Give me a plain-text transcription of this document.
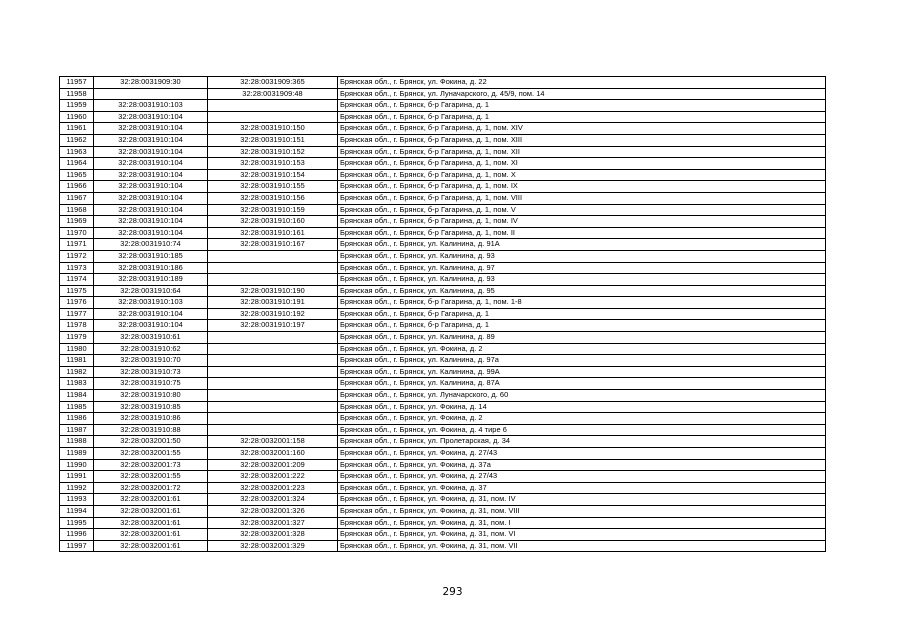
11957	32:28:0031909:30	32:28:0031909:365	Брянская обл., г. Брянск, ул. Фокина, д. 22
11958		32:28:0031909:48	Брянская обл., г. Брянск, ул. Луначарского, д. 45/9, пом. 14
11959	32:28:0031910:103		Брянская обл., г. Брянск, б-р Гагарина, д. 1
11960	32:28:0031910:104		Брянская обл., г. Брянск, б-р Гагарина, д. 1
11961	32:28:0031910:104	32:28:0031910:150	Брянская обл., г. Брянск, б-р Гагарина, д. 1, пом. XIV
11962	32:28:0031910:104	32:28:0031910:151	Брянская обл., г. Брянск, б-р Гагарина, д. 1, пом. XIII
11963	32:28:0031910:104	32:28:0031910:152	Брянская обл., г. Брянск, б-р Гагарина, д. 1, пом. XII
11964	32:28:0031910:104	32:28:0031910:153	Брянская обл., г. Брянск, б-р Гагарина, д. 1, пом. XI
11965	32:28:0031910:104	32:28:0031910:154	Брянская обл., г. Брянск, б-р Гагарина, д. 1, пом. X
11966	32:28:0031910:104	32:28:0031910:155	Брянская обл., г. Брянск, б-р Гагарина, д. 1, пом. IX
11967	32:28:0031910:104	32:28:0031910:156	Брянская обл., г. Брянск, б-р Гагарина, д. 1, пом. VIII
11968	32:28:0031910:104	32:28:0031910:159	Брянская обл., г. Брянск, б-р Гагарина, д. 1, пом. V
11969	32:28:0031910:104	32:28:0031910:160	Брянская обл., г. Брянск, б-р Гагарина, д. 1, пом. IV
11970	32:28:0031910:104	32:28:0031910:161	Брянская обл., г. Брянск, б-р Гагарина, д. 1, пом. II
11971	32:28:0031910:74	32:28:0031910:167	Брянская обл., г. Брянск, ул. Калинина, д. 91А
11972	32:28:0031910:185		Брянская обл., г. Брянск, ул. Калинина, д. 93
11973	32:28:0031910:186		Брянская обл., г. Брянск, ул. Калинина, д. 97
11974	32:28:0031910:189		Брянская обл., г. Брянск, ул. Калинина, д. 93
11975	32:28:0031910:64	32:28:0031910:190	Брянская обл., г. Брянск, ул. Калинина, д. 95
11976	32:28:0031910:103	32:28:0031910:191	Брянская обл., г. Брянск, б-р Гагарина, д. 1, пом. 1-8
11977	32:28:0031910:104	32:28:0031910:192	Брянская обл., г. Брянск, б-р Гагарина, д. 1
11978	32:28:0031910:104	32:28:0031910:197	Брянская обл., г. Брянск, б-р Гагарина, д. 1
11979	32:28:0031910:61		Брянская обл., г. Брянск, ул. Калинина, д. 89
11980	32:28:0031910:62		Брянская обл., г. Брянск, ул. Фокина, д. 2
11981	32:28:0031910:70		Брянская обл., г. Брянск, ул. Калинина, д. 97а
11982	32:28:0031910:73		Брянская обл., г. Брянск, ул. Калинина, д. 99А
11983	32:28:0031910:75		Брянская обл., г. Брянск, ул. Калинина, д. 87А
11984	32:28:0031910:80		Брянская обл., г. Брянск, ул. Луначарского, д. 60
11985	32:28:0031910:85		Брянская обл., г. Брянск, ул. Фокина, д. 14
11986	32:28:0031910:86		Брянская обл., г. Брянск, ул. Фокина, д. 2
11987	32:28:0031910:88		Брянская обл., г. Брянск, ул. Фокина, д. 4 тире 6
11988	32:28:0032001:50	32:28:0032001:158	Брянская обл., г. Брянск, ул. Пролетарская, д. 34
11989	32:28:0032001:55	32:28:0032001:160	Брянская обл., г. Брянск, ул. Фокина, д. 27/43
11990	32:28:0032001:73	32:28:0032001:209	Брянская обл., г. Брянск, ул. Фокина, д. 37а
11991	32:28:0032001:55	32:28:0032001:222	Брянская обл., г. Брянск, ул. Фокина, д. 27/43
11992	32:28:0032001:72	32:28:0032001:223	Брянская обл., г. Брянск, ул. Фокина, д. 37
11993	32:28:0032001:61	32:28:0032001:324	Брянская обл., г. Брянск, ул. Фокина, д. 31, пом. IV
11994	32:28:0032001:61	32:28:0032001:326	Брянская обл., г. Брянск, ул. Фокина, д. 31, пом. VIII
11995	32:28:0032001:61	32:28:0032001:327	Брянская обл., г. Брянск, ул. Фокина, д. 31, пом. I
11996	32:28:0032001:61	32:28:0032001:328	Брянская обл., г. Брянск, ул. Фокина, д. 31, пом. VI
11997	32:28:0032001:61	32:28:0032001:329	Брянская обл., г. Брянск, ул. Фокина, д. 31, пом. VII
293
